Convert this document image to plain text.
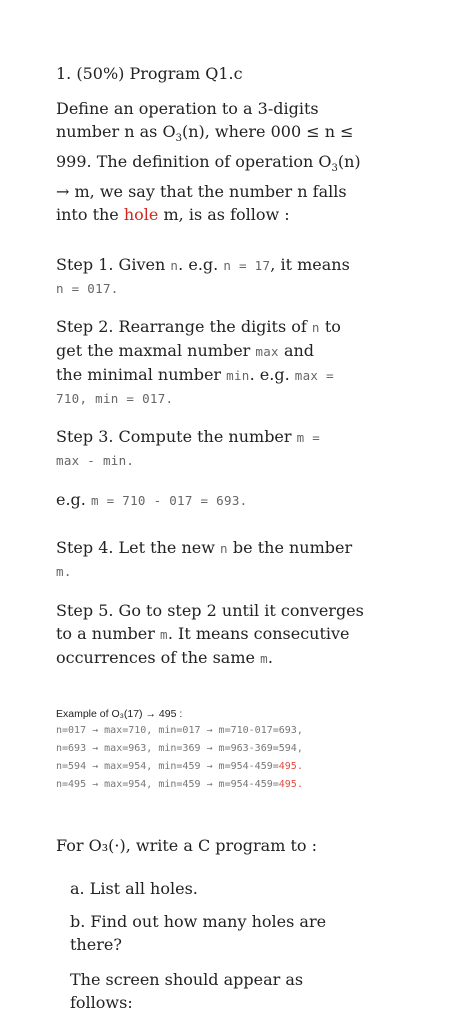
1. (50%) Program Q1.c
Define an operation to a 3-digits
number n as $O_3(n)$, where 000 ≤ n ≤
999. The definition of operation $O_3(n)$
→ m, we say that the number n falls
into the hole m, is as follow :
Step 1. Given n. e.g. n = 17, it means
n = 017.
Step 2. Rearrange the digits of n to
get the maxmal number max and
the minimal number min. e.g. max =
710, min = 017.
Step 3. Compute the number m =
max - min.
e.g. m = 710 - 017 = 693.
Step 4. Let the new n be the number
m.
Step 5. Go to step 2 until it converges
to a number m. It means consecutive
occurrences of the same m.
Example of O₃(17) → 495 :
n=017 → max=710, min=017 → m=710-017=693,
n=693 → max=963, min=369 → m=963-369=594,
n=594 → max=954, min=459 → m=954-459=495.
n=495 → max=954, min=459 → m=954-459=495.
For O₃(·), write a C program to :
a. List all holes.
b. Find out how many holes are
there?
The screen should appear as
follows:
